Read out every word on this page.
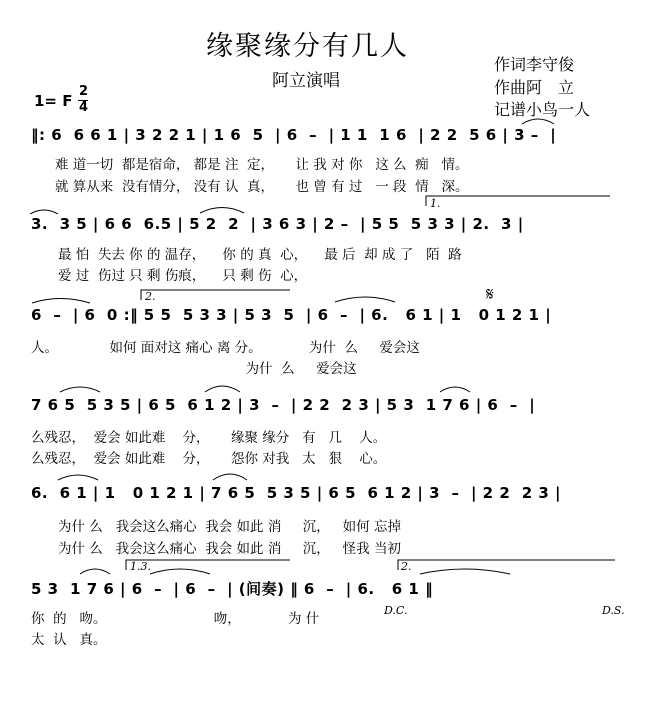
缘聚缘分有几人
阿立演唱
作词李守俊
作曲阿　立
记谱小鸟一人
1= F
2
4
‖: 6  6 6 1 | 3 2 2 1 | 1 6  5  | 6  –  | 1 1  1 6  | 2 2  5 6 | 3 –  |
难 道一切  都是宿命， 都是 注  定，     让 我 对 你   这 么  痴   情。
就 算从来  没有情分， 没有 认  真，     也 曾 有 过   一 段  情   深。
3.  3 5 | 6 6  6.5 | 5 2  2  | 3 6 3 | 2 –  | 5 5  5 3 3 | 2.  3 |
最 怕  失去 你 的 温存，    你 的 真  心，    最 后  却 成 了   陌  路
爱 过  伤过 只 剩 伤痕，    只 剩 伤  心，
6  –  | 6  0 :‖ 5 5  5 3 3 | 5 3  5  | 6  –  | 6.   6 1 | 1   0 1 2 1 |
人。            如何 面对这 痛心 离 分。           为什  么     爱会这
为什  么     爱会这
7 6 5  5 3 5 | 6 5  6 1 2 | 3  –  | 2 2  2 3 | 5 3  1 7 6 | 6  –  |
么残忍，  爱会 如此难    分，     缘聚 缘分   有   几    人。
么残忍，  爱会 如此难    分，     怨你 对我   太   狠    心。
6.  6 1 | 1   0 1 2 1 | 7 6 5  5 3 5 | 6 5  6 1 2 | 3  –  | 2 2  2 3 |
为什 么   我会这么痛心  我会 如此 消     沉，   如何 忘掉
为什 么   我会这么痛心  我会 如此 消     沉，   怪我 当初
5 3  1 7 6 | 6  –  | 6  –  | (间奏) ‖ 6  –  | 6.   6 1 ‖
你  的   吻。                         吻，           为 什
太  认   真。
1.
2.
1.3.	2.
D.C.	D.S.
𝄋
